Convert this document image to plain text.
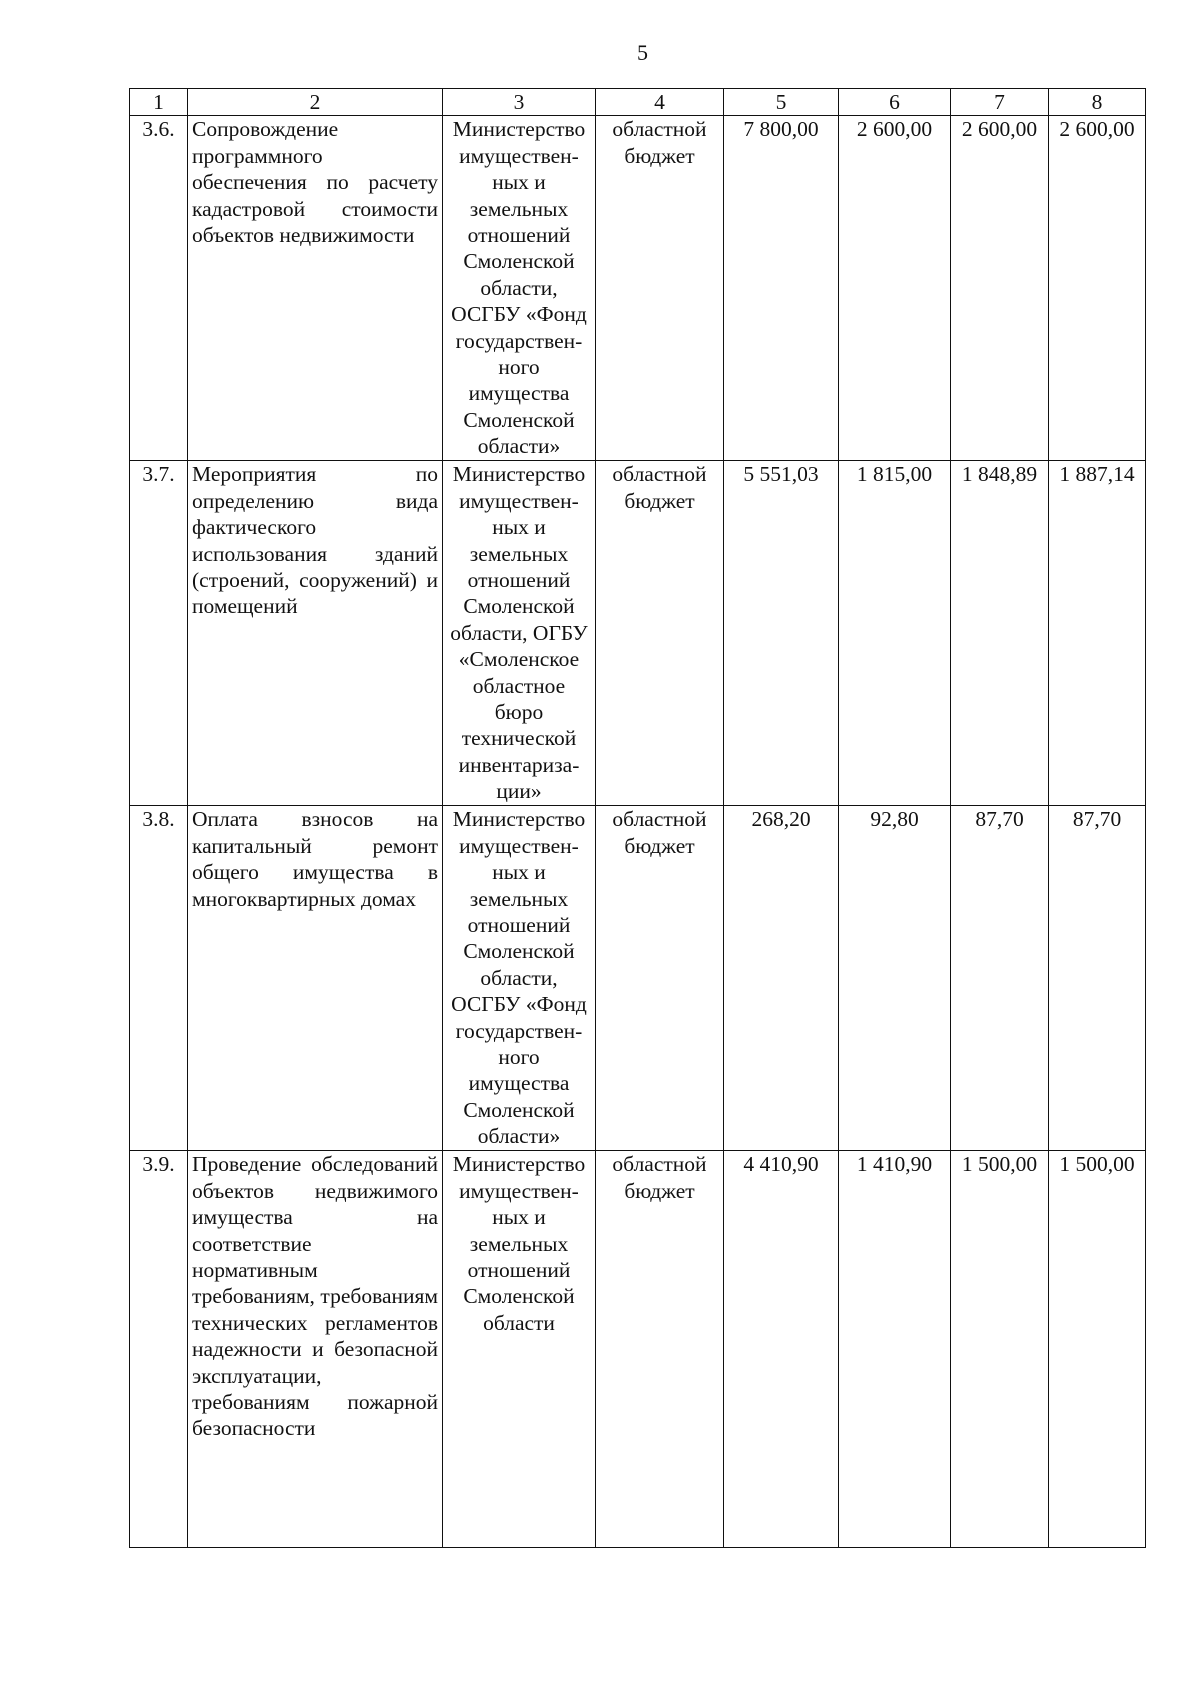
5
1	2	3	4	5	6	7	8
3.6.	Сопровождение программного обеспечения по расчету кадастровой стоимости объектов недвижимости	Министерство имуществен-ных и земельных отношений Смоленской области, ОСГБУ «Фонд государствен-ного имущества Смоленской области»	областной бюджет	7 800,00	2 600,00	2 600,00	2 600,00
3.7.	Мероприятия по определению вида фактического использования зданий (строений, сооружений) и помещений	Министерство имуществен-ных и земельных отношений Смоленской области, ОГБУ «Смоленское областное бюро технической инвентариза-ции»	областной бюджет	5 551,03	1 815,00	1 848,89	1 887,14
3.8.	Оплата взносов на капитальный ремонт общего имущества в многоквартирных домах	Министерство имуществен-ных и земельных отношений Смоленской области, ОСГБУ «Фонд государствен-ного имущества Смоленской области»	областной бюджет	268,20	92,80	87,70	87,70
3.9.	Проведение обследований объектов недвижимого имущества на соответствие нормативным требованиям, требованиям технических регламентов надежности и безопасной эксплуатации, требованиям пожарной безопасности	Министерство имуществен-ных и земельных отношений Смоленской области	областной бюджет	4 410,90	1 410,90	1 500,00	1 500,00
